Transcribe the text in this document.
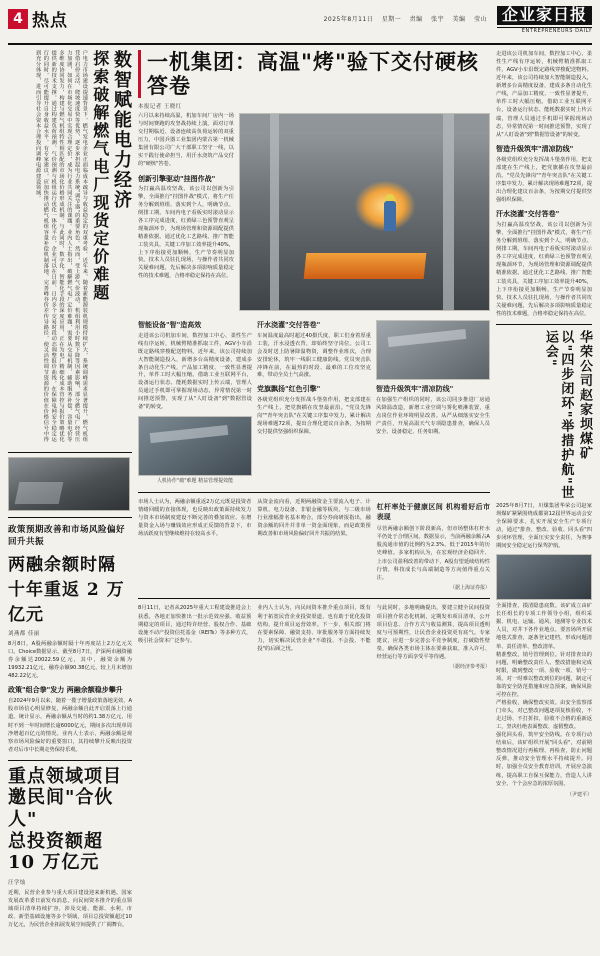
4 热点	2025年8月11日 星期一 责编 张宇 美编 莹山 企业家日报
ENTREPRENEURS DAILY
数智赋能电力经济
探索破解燃气电厂现货定价难题
户电力市场建设提速背景下，燃气发电企业正面临成本疏导与收益稳定的双重考验。近年来，随着新能源装机规模持续扩大，系统调峰需求显著提升，燃气机组凭借启停灵活、爬坡速度快等优势，逐步承担起电力系统"调节器"的重要角色。然而，受上游气价波动、机组利用小时数下降等因素影响，部分燃气电厂经营压力加剧，如何在市场化交易中实现合理定价，成为行业共同关注的课题。业内人士指出，破解燃气电厂定价难题，需要从交易机制、辅助服务补偿、容量电价等多维度协同发力，构建与燃气机组特性相匹配的市场化价格形成机制。与此同时，数字化、智能化手段的深度应用，正在为电厂精细化成本管控与报价策略优化提供新的技术支撑。通过构建负荷预测、气价预测与机组运行优化一体化平台，企业可以在日前、日内多个交易时段动态调整报价曲线，在保障电网安全稳定运行的同时，尽可能提升自身收益水平。有专家建议，应加快推动燃气机组容量补偿机制落地，完善峰谷价差传导路径，使灵活性调节资源的价值在价格信号中得到充分体现，进而引导社会资本合理投向调峰电源建设领域。
政策预期改善和市场风险偏好回升共振
两融余额时隔十年重返 2 万亿元
刘燕都 佳丽
8月8日，A股两融余额时隔十年再度站上2万亿元关口。Choice数据显示，截至8月7日，沪深两市融资融券余额达20022.59亿元，其中，融资余额为19932.21亿元，融券余额90.38亿元，较上月末增加482.22亿元。
政策"组合拳"发力 两融余额稳步攀升
自2024年9月以来，随着一揽子增量政策落地见效，A股市场信心明显修复，两融余额自此开启震荡上行通道。统计显示，两融余额从当时的约1.38万亿元，用时不到一年时间增长逾6000亿元，期间多次出现单周净增超百亿元的情况。业内人士表示，两融余额是观察市场风险偏好的重要窗口，其持续攀升反映出投资者对后市中长期走势保持乐观。
重点领域项目邀民间"合伙人"
总投资额超 10 万亿元
汪学灿
近期，民营企业参与重大项目建设迎来新机遇。国家发展改革委日前发布消息，向民间资本推介的重点领域项目清单持续扩容，涉及交通、能源、水利、市政、新型基础设施等多个领域，项目总投资额超过10万亿元，为民营企业拓展发展空间提供了广阔舞台。
一机集团：高温"烤"验下交付硬核答卷
本报记者 王晓红
六月以来持续高温，机加车间厂房内一场与时间赛跑的攻坚战持续上演。面对订单交付期临近、设备连续高负荷运转的双重压力，中国兵器工业集团内蒙古第一机械集团有限公司广大干部职工坚守一线，以实干践行使命担当，用汗水浇筑产品交付的"硬核"答卷。
创新引擎驱动"挂图作战"
为打赢高温攻坚战，该公司以创新为引擎，全面推行"挂图作战"模式，将生产任务分解到班组、落实到个人，明确节点、倒排工期。车间内电子看板实时滚动显示各工序完成进度，红黄绿三色预警直观呈现瓶颈环节，为现场管理和资源调配提供精准依据。通过优化工艺路线、推广智能工装夹具，关键工序加工效率提升40%，上下序衔接更加顺畅，生产节奏明显加快。技术人员驻扎现场，与操作者共同攻关疑难问题，先后解决多项影响质量稳定性的技术难题，合格率稳定保持在高位。
智能设备"智"造高效
走进该公司机加车间，数控加工中心、柔性生产线有序运转，机械臂精准抓取工件，AGV小车沿既定路线穿梭配送物料。近年来，该公司持续加大智能制造投入，新增多台高精度设备，建成多条自动化生产线，产品加工精度、一致性显著提升，单件工时大幅压缩。借助工业互联网平台，设备运行状态、能耗数据实时上传云端，管理人员通过手机即可掌握现场动态，异常情况第一时间推送预警，实现了从"人盯设备"到"数据管设备"的转变。
人机协作"破"难题 精益管理提效能
汗水浇灌"交付答卷"
车间温度最高时超过40摄氏度，职工们身着厚重工装，汗水浸透衣背，却始终坚守岗位。公司工会及时送上防暑降温物资，调整作业班次，合理安排轮休，筑牢一线职工健康防线。党员突击队冲锋在前，在最热的时段、最难的工位攻坚克难，带动全员士气高涨。
党旗飘扬"红色引擎"
各级党组织充分发挥战斗堡垒作用，把支部建在生产线上，把党旗插在攻坚最前沿。"党员先锋岗""青年突击队"在关键工序集中发力，累计解决现场难题72项，提出合理化建议百余条，为按期交付提供坚强组织保障。
智造升级筑牢"清凉防线"
在加强生产组织的同时，该公司同步推进厂房通风降温改造，新增工业空调与雾化喷淋装置，重点岗位作业环境明显改善。从严从细落实安全生产责任，开展高温天气专项隐患排查，确保人员安全、设备稳定、任务如期。
市场人士认为，两融余额重返2万亿元既是投资者情绪回暖的直接体现，也反映出政策面持续发力与资本市场制度建设不断完善的叠加效应。在增量资金入场与赚钱效应形成正反馈的背景下，市场活跃度有望继续维持在较高水平。
从资金流向看，近期两融资金主要流入电子、计算机、电力设备、非银金融等板块，与二级市场行业涨幅排名基本吻合。部分券商研报指出，融资余额的回升并非单一资金面现象，而是政策预期改善和市场风险偏好回升共振的结果。
杠杆率处于健康区间 机构看好后市表现
尽管两融余额创下阶段新高，但市场整体杠杆水平仍处于合理区间。数据显示，当前两融余额占A股流通市值的比例约为2.3%，低于2015年的历史峰值。多家机构认为，在宏观经济企稳回升、上市公司盈利改善的带动下，A股有望延续结构性行情，科技成长与高端制造等方向值得重点关注。
（据上海证券报）
8月11日，记者从2025年重大工程建设推进会上获悉，各地正加快推出一批示范效应强、收益预期稳定的项目，通过特许经营、股权合作、基础设施不动产投资信托基金（REITs）等多种方式，吸引社会资本广泛参与。
业内人士认为，向民间资本推介重点项目，既有利于拓宽民营企业投资渠道，也有助于优化投资结构、提升项目运营效率。下一步，相关部门将在要素保障、融资支持、审批服务等方面持续发力，切实解决民营企业"不敢投、不会投、不能投"的后顾之忧。
与此同时，多地明确提出，要建立健全民间投资项目推介常态化机制，定期发布项目清单，公开项目信息、合作方式与收益测算，提高项目透明度与可预期性，让民营企业投资更有底气。专家建议，应进一步完善公平竞争制度，打破隐性壁垒，确保各类市场主体在要素获取、准入许可、经营运行等方面享受平等待遇。
（据经济参考报）
走进该公司机加车间，数控加工中心、柔性生产线有序运转，机械臂精准抓取工件，AGV小车沿既定路线穿梭配送物料。近年来，该公司持续加大智能制造投入，新增多台高精度设备，建成多条自动化生产线，产品加工精度、一致性显著提升，单件工时大幅压缩。借助工业互联网平台，设备运行状态、能耗数据实时上传云端，管理人员通过手机即可掌握现场动态，异常情况第一时间推送预警，实现了从"人盯设备"到"数据管设备"的转变。
智造升级筑牢"清凉防线"
各级党组织充分发挥战斗堡垒作用，把支部建在生产线上，把党旗插在攻坚最前沿。"党员先锋岗""青年突击队"在关键工序集中发力，累计解决现场难题72项，提出合理化建议百余条，为按期交付提供坚强组织保障。
汗水浇灌"交付答卷"
为打赢高温攻坚战，该公司以创新为引擎，全面推行"挂图作战"模式，将生产任务分解到班组、落实到个人，明确节点、倒排工期。车间内电子看板实时滚动显示各工序完成进度，红黄绿三色预警直观呈现瓶颈环节，为现场管理和资源调配提供精准依据。通过优化工艺路线、推广智能工装夹具，关键工序加工效率提升40%，上下序衔接更加顺畅，生产节奏明显加快。技术人员驻扎现场，与操作者共同攻关疑难问题，先后解决多项影响质量稳定性的技术难题，合格率稳定保持在高位。
华荣公司赵家坝煤矿
以"四步闭环"举措护航"世运会"
2025年8月7日，川煤集团华荣公司赵家坝煤矿紧紧围绕成都第12届世界运动会安全保障要求，扎实开展安全生产专项行动，通过"排查、整改、验收、回头看"四步闭环管理，全面压实安全责任，为赛事期间安全稳定运行保驾护航。
全面排查，摸清隐患底数。该矿成立由矿长任组长的专项工作领导小组，组织采掘、机电、运输、通风、地测等专业技术人员，对井下各作业地点、要害场所开展地毯式排查，逐条登记建档，形成问题清单、责任清单、整改清单。
精准整改，销号管理到位。针对排查出的问题，明确整改责任人、整改措施和完成时限，做到整改一项、验收一项、销号一项。对一时难以整改到位的问题，制定可靠的安全防范措施和应急预案，确保风险可控在控。
严格验收，确保整改实效。由安全监察部门牵头，对已整改问题逐项复核验收，不走过场、不打折扣，验收不合格的重新返工，坚决杜绝表面整改、虚假整改。
强化回头看，筑牢安全防线。在专项行动结束后，该矿组织开展"回头看"，对前期整改情况进行再梳理、再检查，防止问题反弹，推动安全管理水平持续提升。同时，加强全员安全教育培训，开展应急演练，提高职工自保互保能力，营造人人讲安全、个个会应急的浓厚氛围。
（尹建平）
